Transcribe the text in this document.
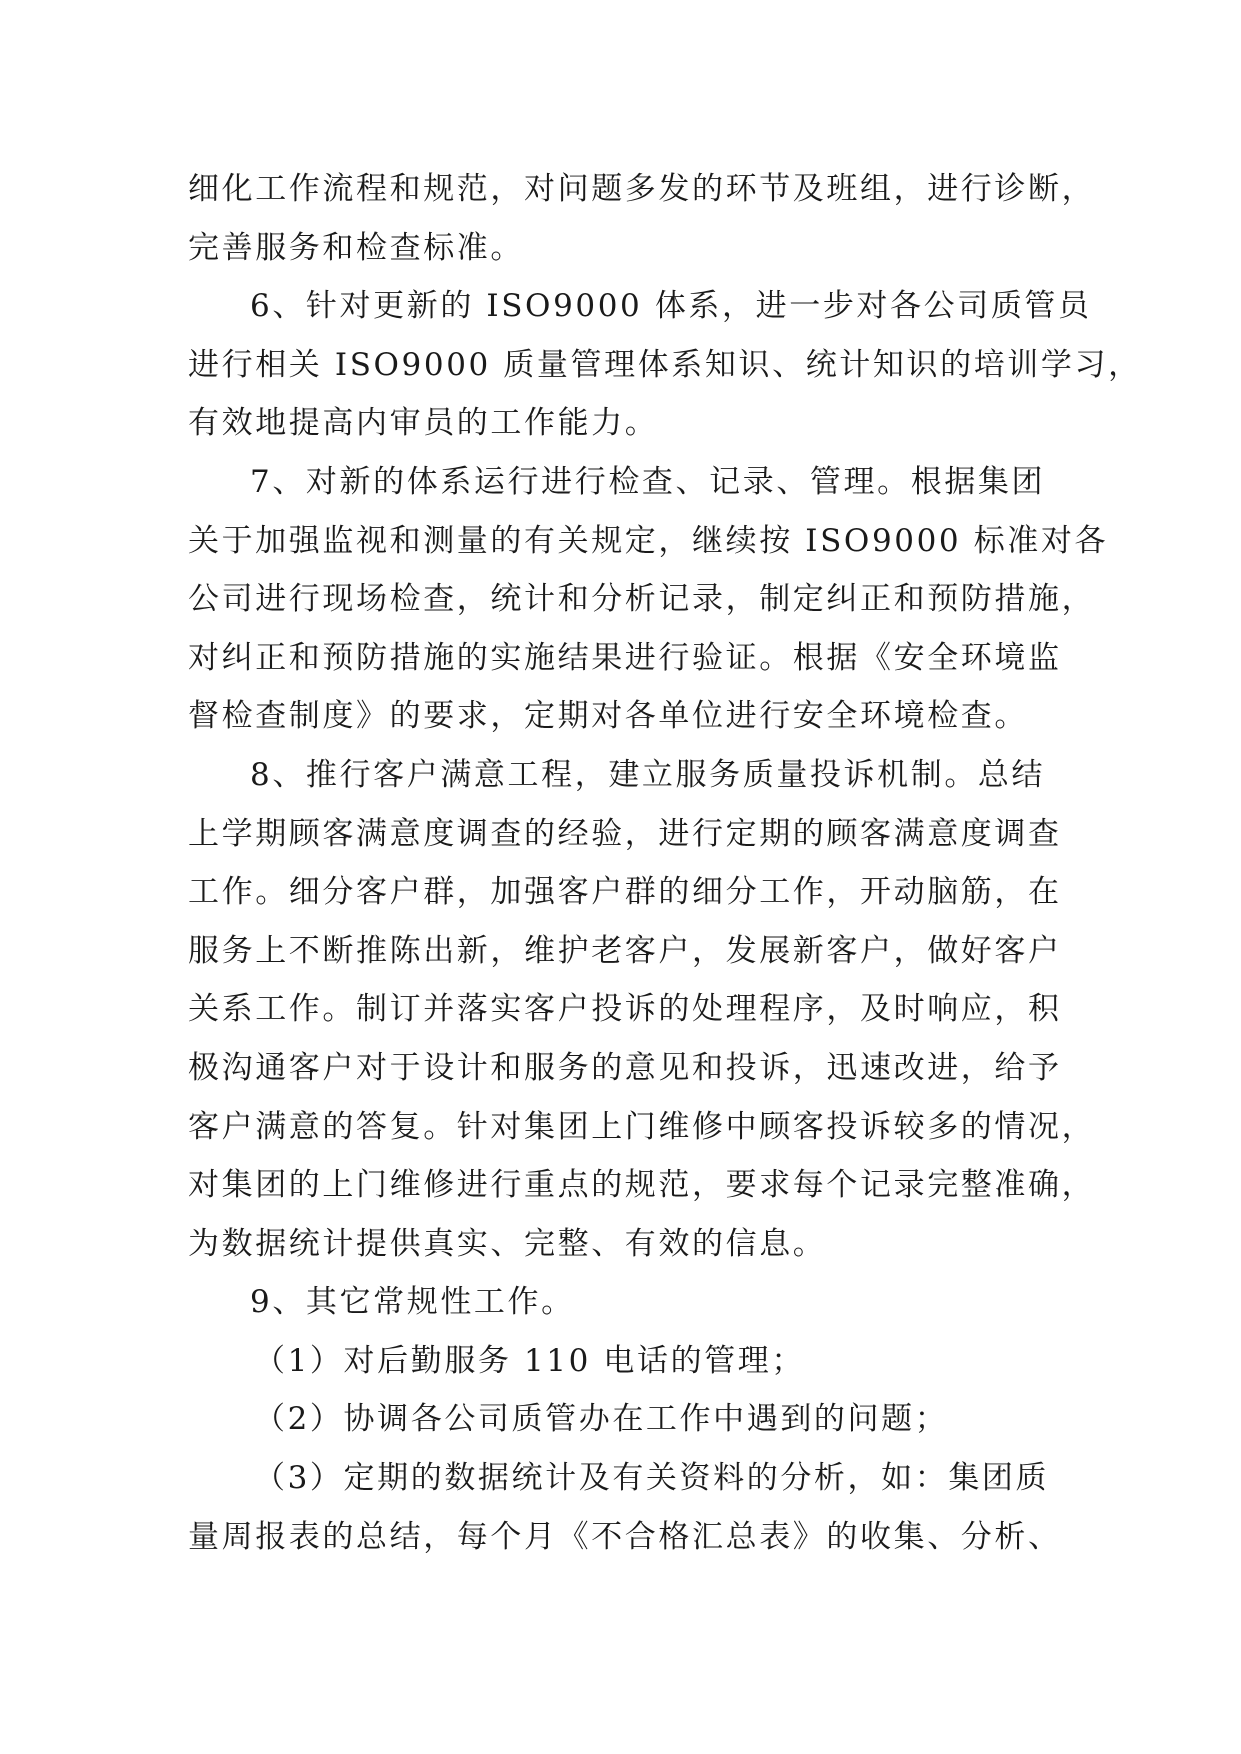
细化工作流程和规范，对问题多发的环节及班组，进行诊断，
完善服务和检查标准。
6、针对更新的 ISO9000 体系，进一步对各公司质管员
进行相关 ISO9000 质量管理体系知识、统计知识的培训学习，
有效地提高内审员的工作能力。
7、对新的体系运行进行检查、记录、管理。根据集团
关于加强监视和测量的有关规定，继续按 ISO9000 标准对各
公司进行现场检查，统计和分析记录，制定纠正和预防措施，
对纠正和预防措施的实施结果进行验证。根据《安全环境监
督检查制度》的要求，定期对各单位进行安全环境检查。
8、推行客户满意工程，建立服务质量投诉机制。总结
上学期顾客满意度调查的经验，进行定期的顾客满意度调查
工作。细分客户群，加强客户群的细分工作，开动脑筋，在
服务上不断推陈出新，维护老客户，发展新客户，做好客户
关系工作。制订并落实客户投诉的处理程序，及时响应，积
极沟通客户对于设计和服务的意见和投诉，迅速改进，给予
客户满意的答复。针对集团上门维修中顾客投诉较多的情况，
对集团的上门维修进行重点的规范，要求每个记录完整准确，
为数据统计提供真实、完整、有效的信息。
9、其它常规性工作。
（1）对后勤服务 110 电话的管理；
（2）协调各公司质管办在工作中遇到的问题；
（3）定期的数据统计及有关资料的分析，如：集团质
量周报表的总结，每个月《不合格汇总表》的收集、分析、
